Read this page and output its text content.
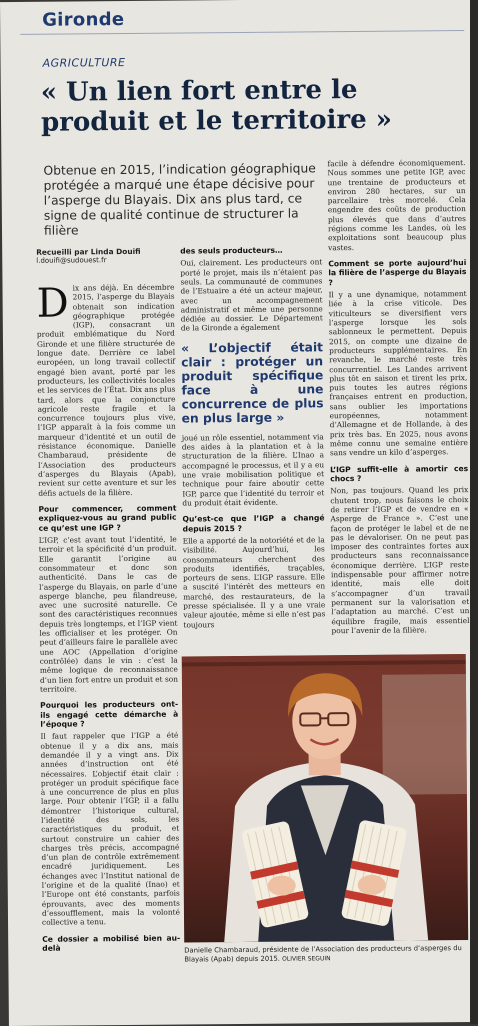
Gironde
AGRICULTURE
« Un lien fort entre le produit et le territoire »
Obtenue en 2015, l’indication géographique protégée a marqué une étape décisive pour l’asperge du Blayais. Dix ans plus tard, ce signe de qualité continue de structurer la filière
Recueilli par Linda Douifi
l.douifi@sudouest.fr

Dix ans déjà. En décembre 2015, l’asperge du Blayais obtenait son indication géographique protégée (IGP), consacrant un produit emblématique du Nord Gironde et une filière structurée de longue date. Derrière ce label européen, un long travail collectif engagé bien avant, porté par les producteurs, les collectivités locales et les services de l’État. Dix ans plus tard, alors que la conjoncture agricole reste fragile et la concurrence toujours plus vive, l’IGP apparaît à la fois comme un marqueur d’identité et un outil de résistance économique. Danielle Chambaraud, présidente de l’Association des producteurs d’asperges du Blayais (Apab), revient sur cette aventure et sur les défis actuels de la filière.

Pour commencer, comment expliquez-vous au grand public ce qu’est une IGP ?

L’IGP, c’est avant tout l’identité, le terroir et la spécificité d’un produit. Elle garantit l’origine au consommateur et donc son authenticité. Dans le cas de l’asperge du Blayais, on parle d’une asperge blanche, peu filandreuse, avec une sucrosité naturelle. Ce sont des caractéristiques reconnues depuis très longtemps, et l’IGP vient les officialiser et les protéger. On peut d’ailleurs faire le parallèle avec une AOC (Appellation d’origine contrôlée) dans le vin : c’est la même logique de reconnaissance d’un lien fort entre un produit et son territoire.

Pourquoi les producteurs ont-ils engagé cette démarche à l’époque ?

Il faut rappeler que l’IGP a été obtenue il y a dix ans, mais demandée il y a vingt ans. Dix années d’instruction ont été nécessaires. L’objectif était clair : protéger un produit spécifique face à une concurrence de plus en plus large. Pour obtenir l’IGP, il a fallu démontrer l’historique cultural, l’identité des sols, les caractéristiques du produit, et surtout construire un cahier des charges très précis, accompagné d’un plan de contrôle extrêmement encadré juridiquement. Les échanges avec l’Institut national de l’origine et de la qualité (Inao) et l’Europe ont été constants, parfois éprouvants, avec des moments d’essoufflement, mais la volonté collective a tenu.

Ce dossier a mobilisé bien au-delà
des seuls producteurs…

Oui, clairement. Les producteurs ont porté le projet, mais ils n’étaient pas seuls. La communauté de communes de l’Estuaire a été un acteur majeur, avec un accompagnement administratif et même une personne dédiée au dossier. Le Département de la Gironde a également

« L’objectif était clair : protéger un produit spécifique face à une concurrence de plus en plus large »

joué un rôle essentiel, notamment via des aides à la plantation et à la structuration de la filière. L’Inao a accompagné le processus, et il y a eu une vraie mobilisation politique et technique pour faire aboutir cette IGP, parce que l’identité du terroir et du produit était évidente.

Qu’est-ce que l’IGP a changé depuis 2015 ?

Elle a apporté de la notoriété et de la visibilité. Aujourd’hui, les consommateurs cherchent des produits identifiés, traçables, porteurs de sens. L’IGP rassure. Elle a suscité l’intérêt des metteurs en marché, des restaurateurs, de la presse spécialisée. Il y a une vraie valeur ajoutée, même si elle n’est pas toujours

facile à défendre économiquement. Nous sommes une petite IGP, avec une trentaine de producteurs et environ 280 hectares, sur un parcellaire très morcelé. Cela engendre des coûts de production plus élevés que dans d’autres régions comme les Landes, où les exploitations sont beaucoup plus vastes.

Comment se porte aujourd’hui la filière de l’asperge du Blayais ?

Il y a une dynamique, notamment liée à la crise viticole. Des viticulteurs se diversifient vers l’asperge lorsque les sols sablonneux le permettent. Depuis 2015, on compte une dizaine de producteurs supplémentaires. En revanche, le marché reste très concurrentiel. Les Landes arrivent plus tôt en saison et tirent les prix, puis toutes les autres régions françaises entrent en production, sans oublier les importations européennes, notamment d’Allemagne et de Hollande, à des prix très bas. En 2025, nous avons même connu une semaine entière sans vendre un kilo d’asperges.

L’IGP suffit-elle à amortir ces chocs ?

Non, pas toujours. Quand les prix chutent trop, nous faisons le choix de retirer l’IGP et de vendre en « Asperge de France ». C’est une façon de protéger le label et de ne pas le dévaloriser. On ne peut pas imposer des contraintes fortes aux producteurs sans reconnaissance économique derrière. L’IGP reste indispensable pour affirmer notre identité, mais elle doit s’accompagner d’un travail permanent sur la valorisation et l’adaptation au marché. C’est un équilibre fragile, mais essentiel pour l’avenir de la filière.

Danielle Chambaraud, présidente de l’Association des producteurs d’asperges du Blayais (Apab) depuis 2015. OLIVIER SEGUIN
